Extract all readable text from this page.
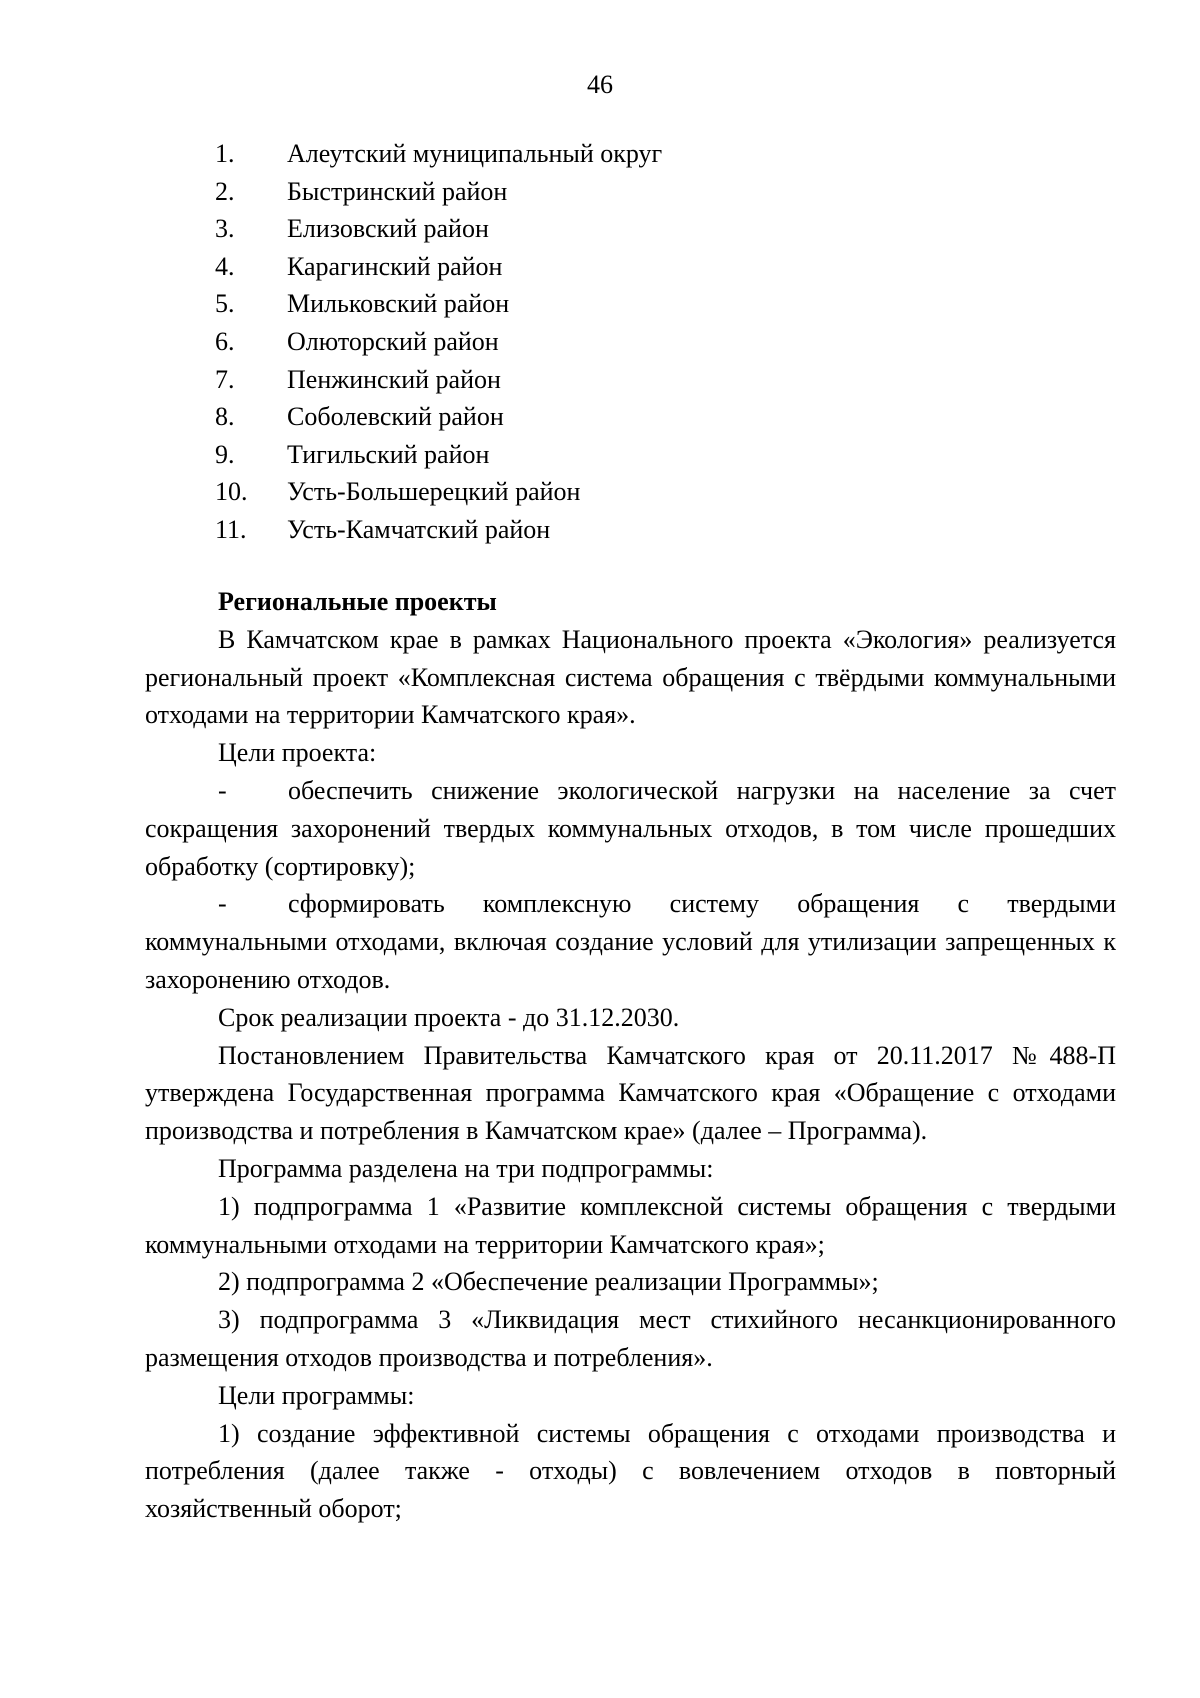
46
1. Алеутский муниципальный округ
2. Быстринский район
3. Елизовский район
4. Карагинский район
5. Мильковский район
6. Олюторский район
7. Пенжинский район
8. Соболевский район
9. Тигильский район
10. Усть-Большерецкий район
11. Усть-Камчатский район

Региональные проекты

В Камчатском крае в рамках Национального проекта «Экология» реализуется региональный проект «Комплексная система обращения с твёрдыми коммунальными отходами на территории Камчатского края».

Цели проекта:

- обеспечить снижение экологической нагрузки на население за счет сокращения захоронений твердых коммунальных отходов, в том числе прошедших обработку (сортировку);

- сформировать комплексную систему обращения с твердыми коммунальными отходами, включая создание условий для утилизации запрещенных к захоронению отходов.

Срок реализации проекта - до 31.12.2030.

Постановлением Правительства Камчатского края от 20.11.2017 №488-П утверждена Государственная программа Камчатского края «Обращение с отходами производства и потребления в Камчатском крае» (далее – Программа).

Программа разделена на три подпрограммы:

1) подпрограмма 1 «Развитие комплексной системы обращения с твердыми коммунальными отходами на территории Камчатского края»;

2) подпрограмма 2 «Обеспечение реализации Программы»;

3) подпрограмма 3 «Ликвидация мест стихийного несанкционированного размещения отходов производства и потребления».

Цели программы:

1) создание эффективной системы обращения с отходами производства и потребления (далее также - отходы) с вовлечением отходов в повторный хозяйственный оборот;
